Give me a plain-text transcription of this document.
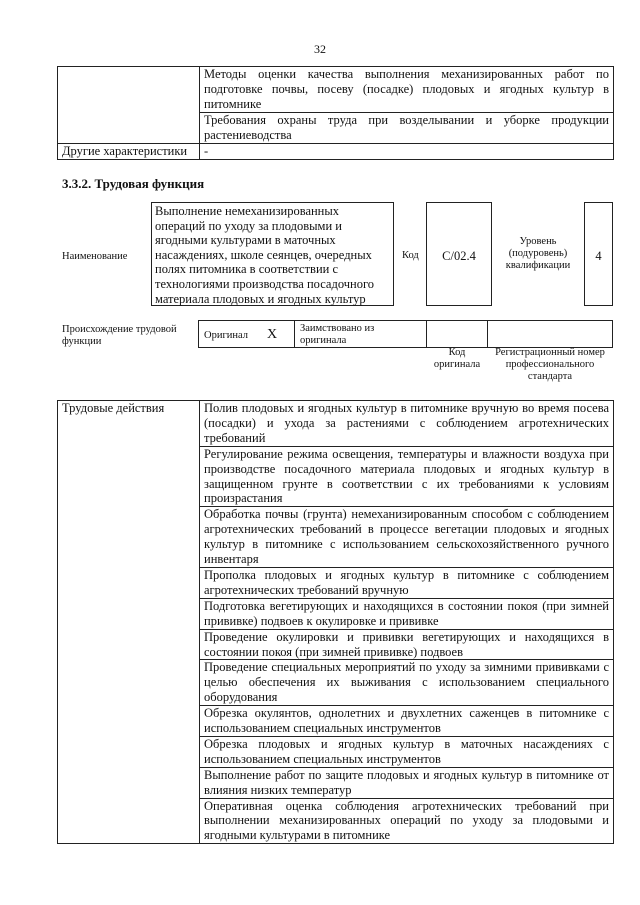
32
	Методы оценки качества выполнения механизированных работ по подготовке почвы, посеву (посадке) плодовых и ягодных культур в питомнике
	Требования охраны труда при возделывании и уборке продукции растениеводства
Другие характеристики	-
3.3.2. Трудовая функция
Наименование
Выполнение немеханизированных операций по уходу за плодовыми и ягодными культурами в маточных насаждениях, школе сеянцев, очередных полях питомника в соответствии с технологиями производства посадочного материала плодовых и ягодных культур
Код	C/02.4
Уровень (подуровень) квалификации
4
Происхождение трудовой функции
Оригинал X	Заимствовано из оригинала
Код оригинала
Регистрационный номер профессионального стандарта
Трудовые действия	Полив плодовых и ягодных культур в питомнике вручную во время посева (посадки) и ухода за растениями с соблюдением агротехнических требований
Регулирование режима освещения, температуры и влажности воздуха при производстве посадочного материала плодовых и ягодных культур в защищенном грунте в соответствии с их требованиями к условиям произрастания
Обработка почвы (грунта) немеханизированным способом с соблюдением агротехнических требований в процессе вегетации плодовых и ягодных культур в питомнике с использованием сельскохозяйственного ручного инвентаря
Прополка плодовых и ягодных культур в питомнике с соблюдением агротехнических требований вручную
Подготовка вегетирующих и находящихся в состоянии покоя (при зимней прививке) подвоев к окулировке и прививке
Проведение окулировки и прививки вегетирующих и находящихся в состоянии покоя (при зимней прививке) подвоев
Проведение специальных мероприятий по уходу за зимними прививками с целью обеспечения их выживания с использованием специального оборудования
Обрезка окулянтов, однолетних и двухлетних саженцев в питомнике с использованием специальных инструментов
Обрезка плодовых и ягодных культур в маточных насаждениях с использованием специальных инструментов
Выполнение работ по защите плодовых и ягодных культур в питомнике от влияния низких температур
Оперативная оценка соблюдения агротехнических требований при выполнении механизированных операций по уходу за плодовыми и ягодными культурами в питомнике
